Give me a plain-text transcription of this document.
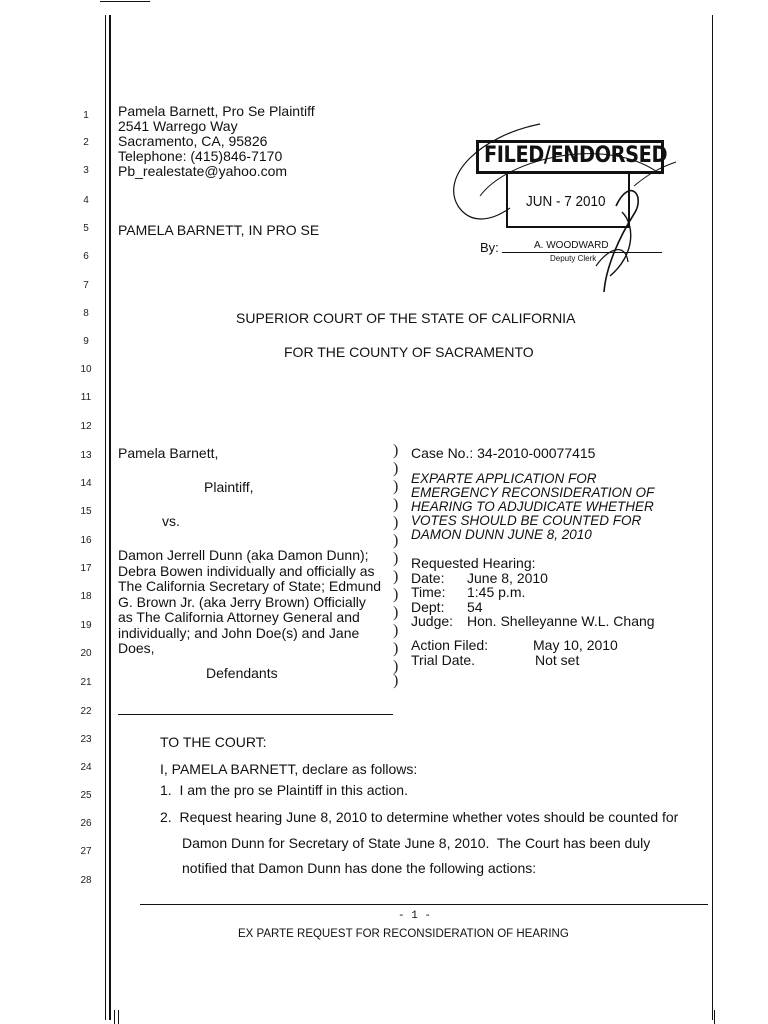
1
2
3
4
5
6
7
8
9
10
11
12
13
14
15
16
17
18
19
20
21
22
23
24
25
26
27
28
Pamela Barnett, Pro Se Plaintiff
2541 Warrego Way
Sacramento, CA, 95826
Telephone: (415)846-7170
Pb_realestate@yahoo.com
PAMELA BARNETT, IN PRO SE
FILED/ENDORSED
JUN - 7 2010
By:	A. WOODWARD
Deputy Clerk
SUPERIOR COURT OF THE STATE OF CALIFORNIA
FOR THE COUNTY OF SACRAMENTO
Pamela Barnett,
Plaintiff,
vs.
Damon Jerrell Dunn (aka Damon Dunn);
Debra Bowen individually and officially as
The California Secretary of State; Edmund
G. Brown Jr. (aka Jerry Brown) Officially
as The California Attorney General and
individually; and John Doe(s) and Jane
Does,
Defendants
)
)
)
)
)
)
)
)
)
)
)
)
)
)
Case No.: 34-2010-00077415
EXPARTE APPLICATION FOR
EMERGENCY RECONSIDERATION OF
HEARING TO ADJUDICATE WHETHER
VOTES SHOULD BE COUNTED FOR
DAMON DUNN JUNE 8, 2010
Requested Hearing:
Date:	June 8, 2010
Time:	1:45 p.m.
Dept:	54
Judge: Hon. Shelleyanne W.L. Chang
Action Filed:	May 10, 2010
Trial Date.	Not set
TO THE COURT:
I, PAMELA BARNETT, declare as follows:
1.  I am the pro se Plaintiff in this action.
2.  Request hearing June 8, 2010 to determine whether votes should be counted for
Damon Dunn for Secretary of State June 8, 2010.  The Court has been duly
notified that Damon Dunn has done the following actions:
- 1 -
EX PARTE REQUEST FOR RECONSIDERATION OF HEARING
